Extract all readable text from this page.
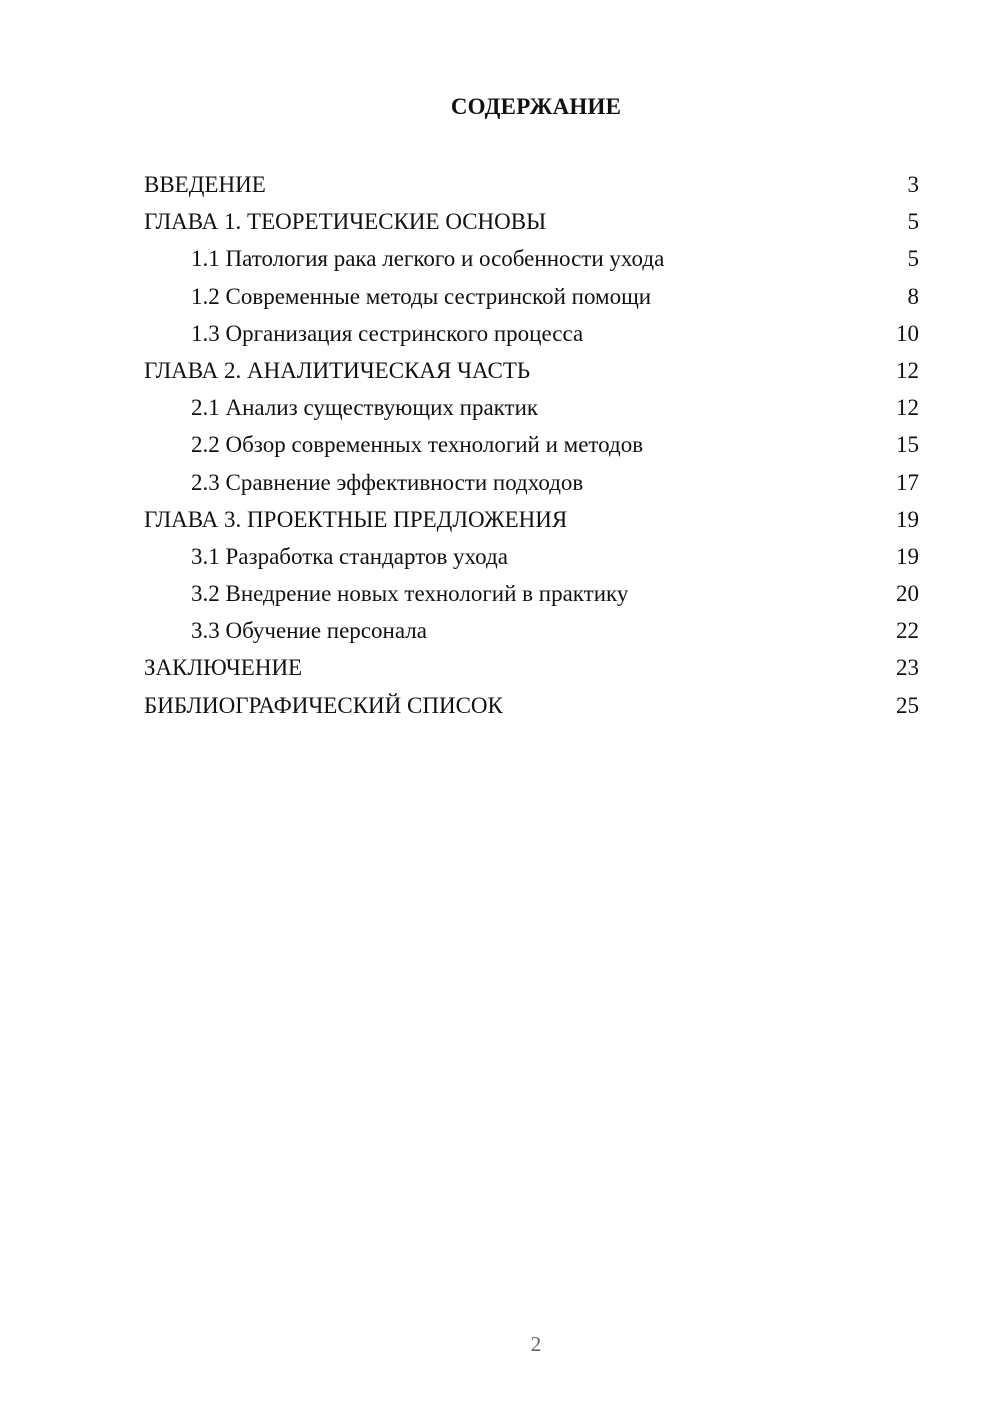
СОДЕРЖАНИЕ
ВВЕДЕНИЕ	3
ГЛАВА 1. ТЕОРЕТИЧЕСКИЕ ОСНОВЫ	5
1.1 Патология рака легкого и особенности ухода	5
1.2 Современные методы сестринской помощи	8
1.3 Организация сестринского процесса	10
ГЛАВА 2. АНАЛИТИЧЕСКАЯ ЧАСТЬ	12
2.1 Анализ существующих практик	12
2.2 Обзор современных технологий и методов	15
2.3 Сравнение эффективности подходов	17
ГЛАВА 3. ПРОЕКТНЫЕ ПРЕДЛОЖЕНИЯ	19
3.1 Разработка стандартов ухода	19
3.2 Внедрение новых технологий в практику	20
3.3 Обучение персонала	22
ЗАКЛЮЧЕНИЕ	23
БИБЛИОГРАФИЧЕСКИЙ СПИСОК	25
2
